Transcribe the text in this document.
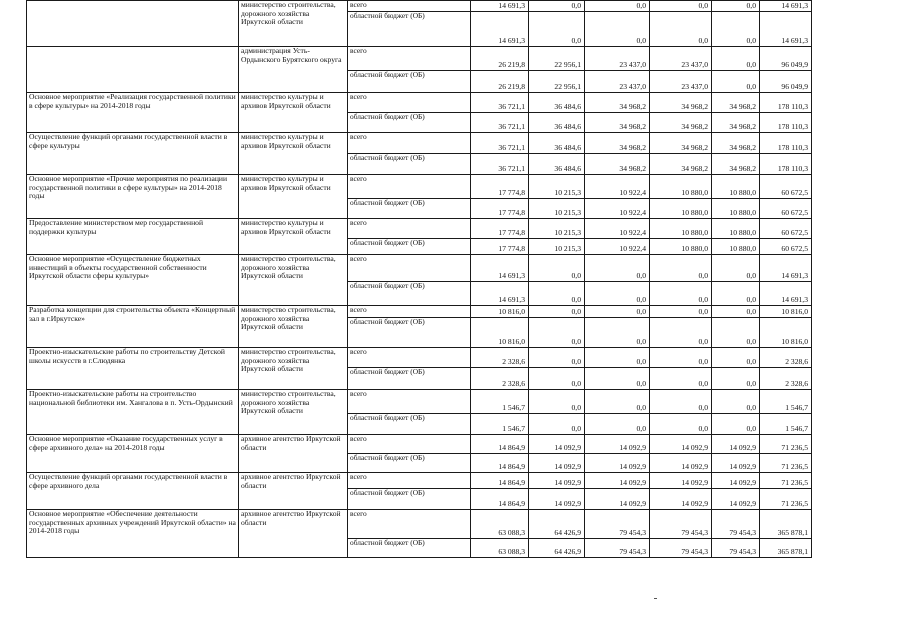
	министерство строительства, дорожного хозяйства Иркутской области	всего	14 691,3	0,0	0,0	0,0	0,0	14 691,3
		областной бюджет (ОБ)	14 691,3	0,0	0,0	0,0	0,0	14 691,3
	администрация Усть-Ордынского Бурятского округа	всего	26 219,8	22 956,1	23 437,0	23 437,0	0,0	96 049,9
		областной бюджет (ОБ)	26 219,8	22 956,1	23 437,0	23 437,0	0,0	96 049,9
Основное мероприятие «Реализация государственной политики в сфере культуры» на 2014-2018 годы	министерство культуры и архивов Иркутской области	всего	36 721,1	36 484,6	34 968,2	34 968,2	34 968,2	178 110,3
		областной бюджет (ОБ)	36 721,1	36 484,6	34 968,2	34 968,2	34 968,2	178 110,3
Осуществление функций органами государственной власти в сфере культуры	министерство культуры и архивов Иркутской области	всего	36 721,1	36 484,6	34 968,2	34 968,2	34 968,2	178 110,3
		областной бюджет (ОБ)	36 721,1	36 484,6	34 968,2	34 968,2	34 968,2	178 110,3
Основное мероприятие «Прочие мероприятия по реализации государственной политики в сфере культуры» на 2014-2018 годы	министерство культуры и архивов Иркутской области	всего	17 774,8	10 215,3	10 922,4	10 880,0	10 880,0	60 672,5
		областной бюджет (ОБ)	17 774,8	10 215,3	10 922,4	10 880,0	10 880,0	60 672,5
Предоставление министерством мер государственной поддержки культуры	министерство культуры и архивов Иркутской области	всего	17 774,8	10 215,3	10 922,4	10 880,0	10 880,0	60 672,5
		областной бюджет (ОБ)	17 774,8	10 215,3	10 922,4	10 880,0	10 880,0	60 672,5
Основное мероприятие «Осуществление бюджетных инвестиций в объекты государственной собственности Иркутской области сферы культуры»	министерство строительства, дорожного хозяйства Иркутской области	всего	14 691,3	0,0	0,0	0,0	0,0	14 691,3
		областной бюджет (ОБ)	14 691,3	0,0	0,0	0,0	0,0	14 691,3
Разработка концепции для строительства объекта «Концертный зал в г.Иркутске»	министерство строительства, дорожного хозяйства Иркутской области	всего	10 816,0	0,0	0,0	0,0	0,0	10 816,0
		областной бюджет (ОБ)	10 816,0	0,0	0,0	0,0	0,0	10 816,0
Проектно-изыскательские работы по строительству Детской школы искусств в г.Слюдянка	министерство строительства, дорожного хозяйства Иркутской области	всего	2 328,6	0,0	0,0	0,0	0,0	2 328,6
		областной бюджет (ОБ)	2 328,6	0,0	0,0	0,0	0,0	2 328,6
Проектно-изыскательские работы на строительство национальной библиотеки им. Хангалова в п. Усть-Ордынский	министерство строительства, дорожного хозяйства Иркутской области	всего	1 546,7	0,0	0,0	0,0	0,0	1 546,7
		областной бюджет (ОБ)	1 546,7	0,0	0,0	0,0	0,0	1 546,7
Основное мероприятие «Оказание государственных услуг в сфере архивного дела» на 2014-2018 годы	архивное агентство Иркутской области	всего	14 864,9	14 092,9	14 092,9	14 092,9	14 092,9	71 236,5
		областной бюджет (ОБ)	14 864,9	14 092,9	14 092,9	14 092,9	14 092,9	71 236,5
Осуществление функций органами государственной власти в сфере архивного дела	архивное агентство Иркутской области	всего	14 864,9	14 092,9	14 092,9	14 092,9	14 092,9	71 236,5
		областной бюджет (ОБ)	14 864,9	14 092,9	14 092,9	14 092,9	14 092,9	71 236,5
Основное мероприятие «Обеспечение деятельности государственных архивных учреждений Иркутской области» на 2014-2018 годы	архивное агентство Иркутской области	всего	63 088,3	64 426,9	79 454,3	79 454,3	79 454,3	365 878,1
		областной бюджет (ОБ)	63 088,3	64 426,9	79 454,3	79 454,3	79 454,3	365 878,1
